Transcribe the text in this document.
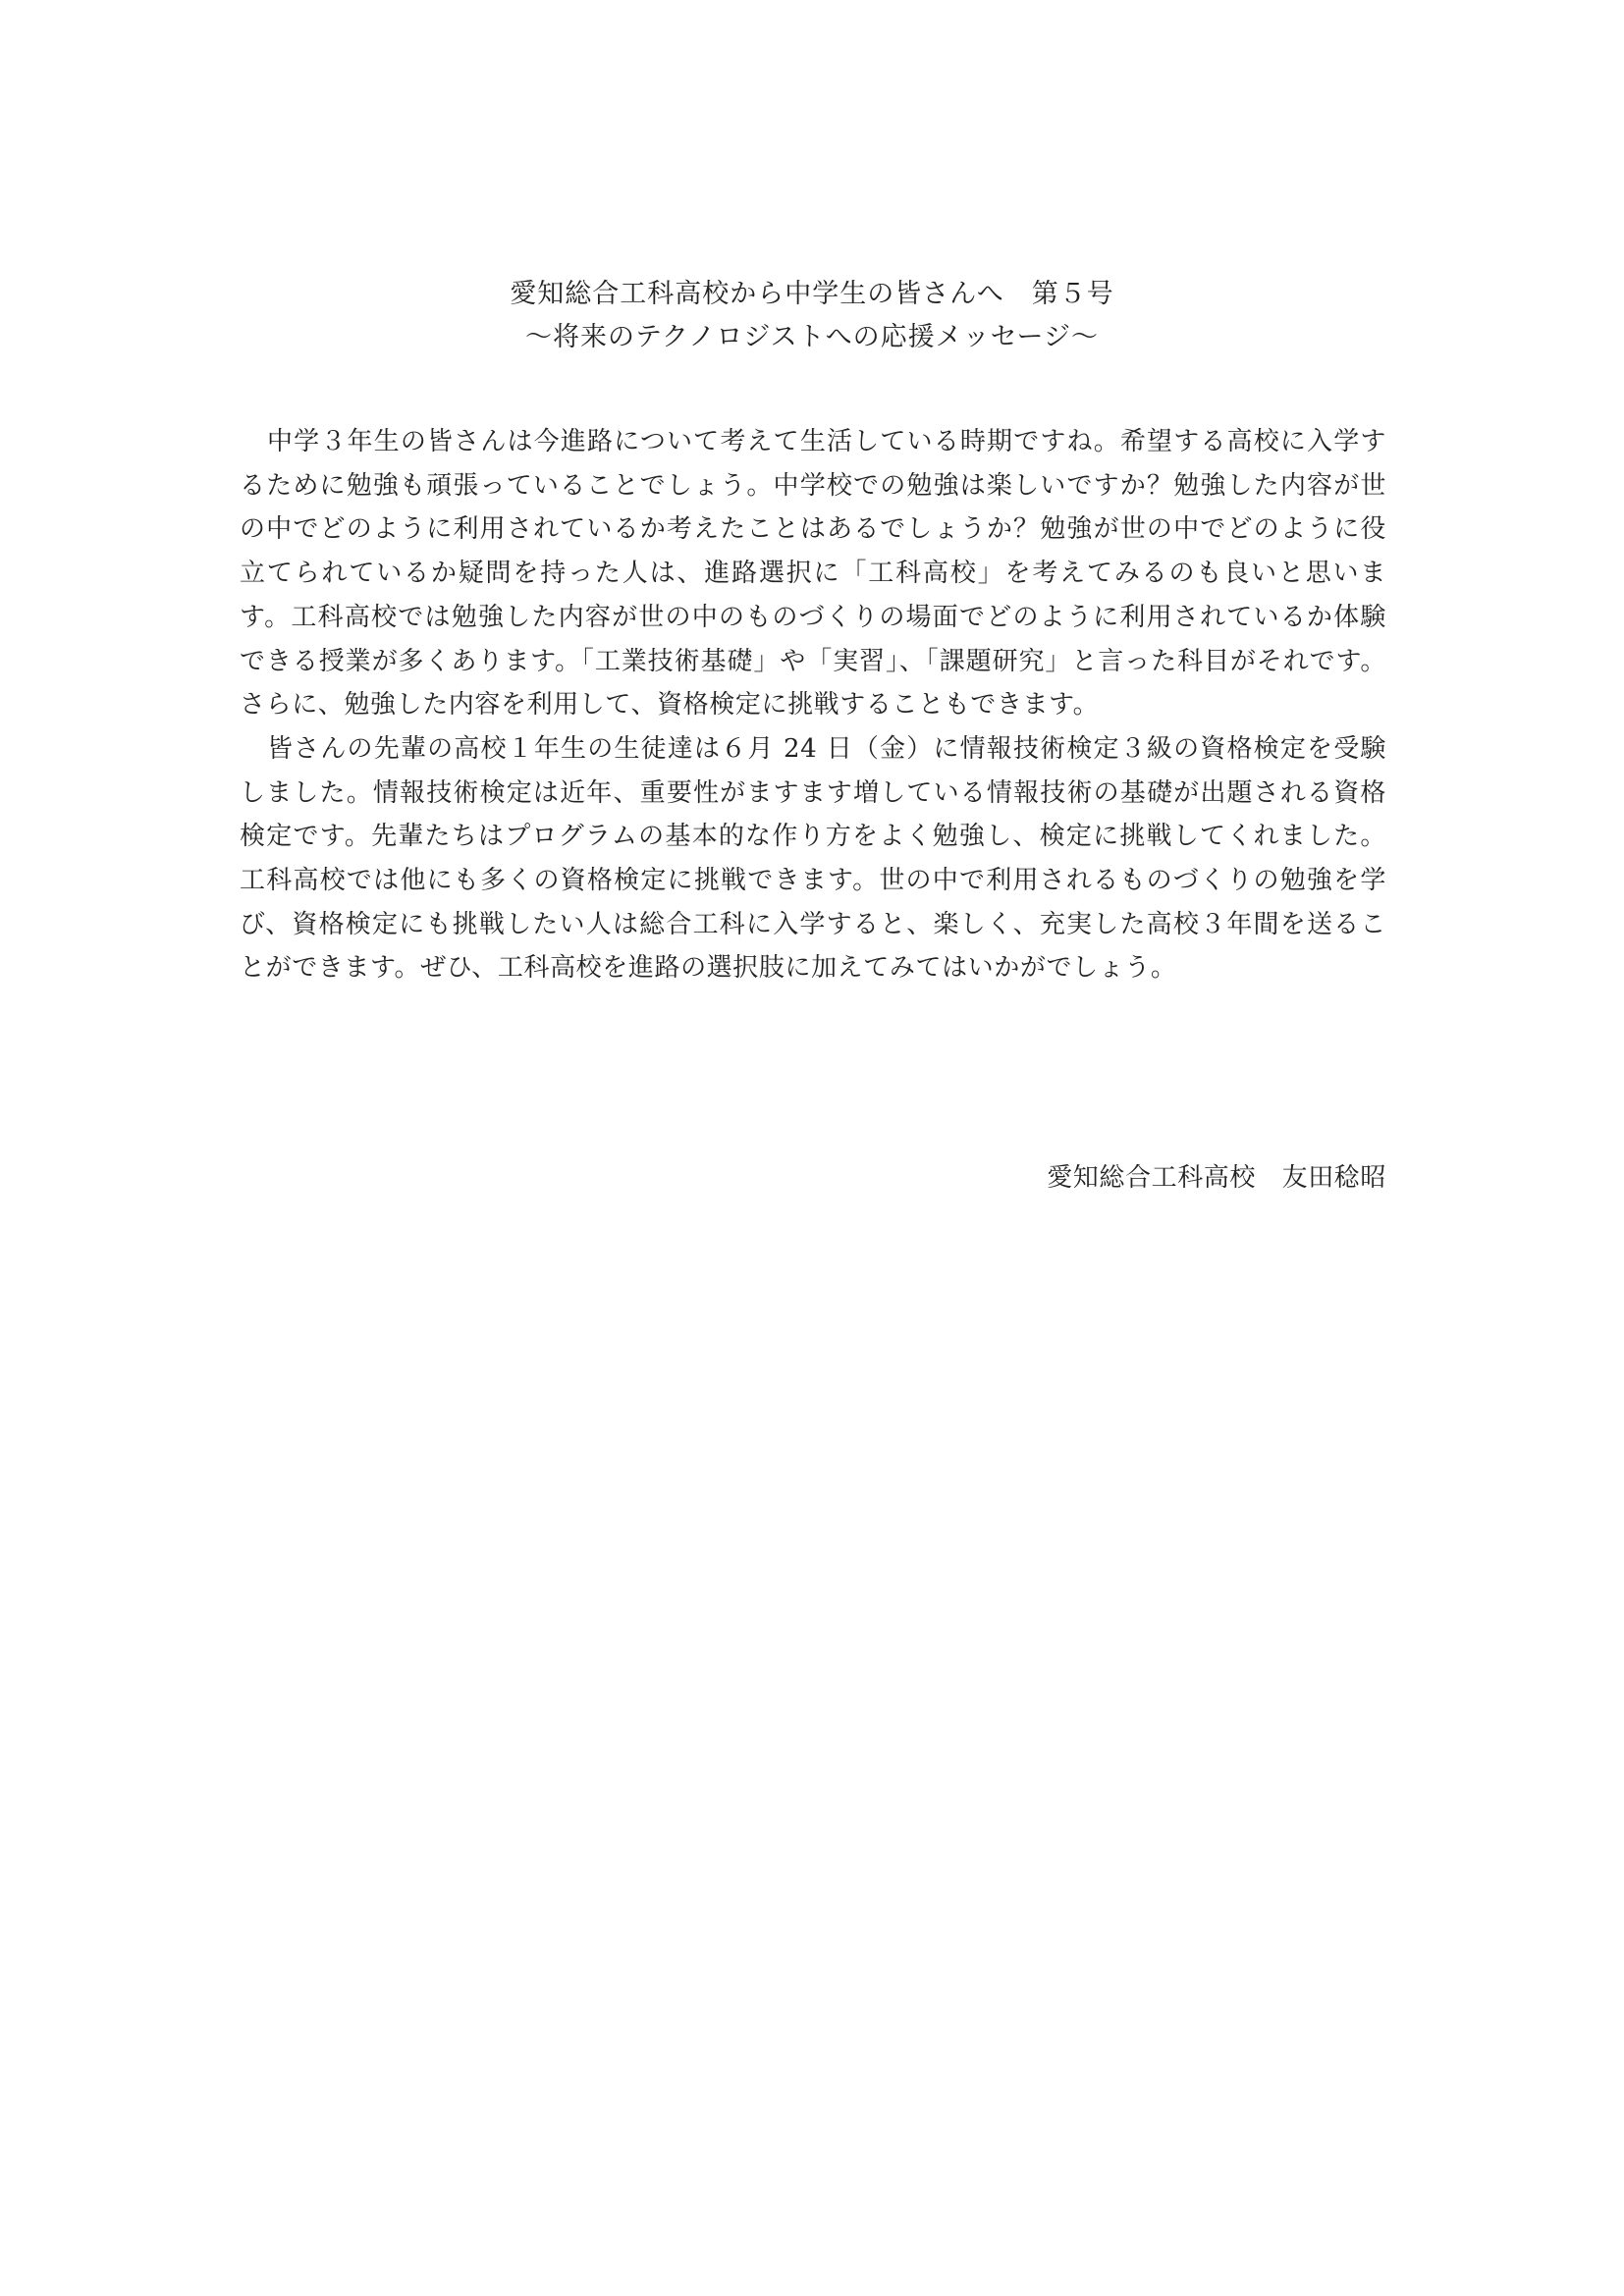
愛知総合工科高校から中学生の皆さんへ　第５号
～将来のテクノロジストへの応援メッセージ～

中学３年生の皆さんは今進路について考えて生活している時期ですね。希望する高校に入学するために勉強も頑張っていることでしょう。中学校での勉強は楽しいですか？勉強した内容が世の中でどのように利用されているか考えたことはあるでしょうか？勉強が世の中でどのように役立てられているか疑問を持った人は、進路選択に「工科高校」を考えてみるのも良いと思います。工科高校では勉強した内容が世の中のものづくりの場面でどのように利用されているか体験できる授業が多くあります。「工業技術基礎」や「実習」、「課題研究」と言った科目がそれです。さらに、勉強した内容を利用して、資格検定に挑戦することもできます。

皆さんの先輩の高校１年生の生徒達は６月 24 日（金）に情報技術検定３級の資格検定を受験しました。情報技術検定は近年、重要性がますます増している情報技術の基礎が出題される資格検定です。先輩たちはプログラムの基本的な作り方をよく勉強し、検定に挑戦してくれました。工科高校では他にも多くの資格検定に挑戦できます。世の中で利用されるものづくりの勉強を学び、資格検定にも挑戦したい人は総合工科に入学すると、楽しく、充実した高校３年間を送ることができます。ぜひ、工科高校を進路の選択肢に加えてみてはいかがでしょう。

愛知総合工科高校　友田稔昭
